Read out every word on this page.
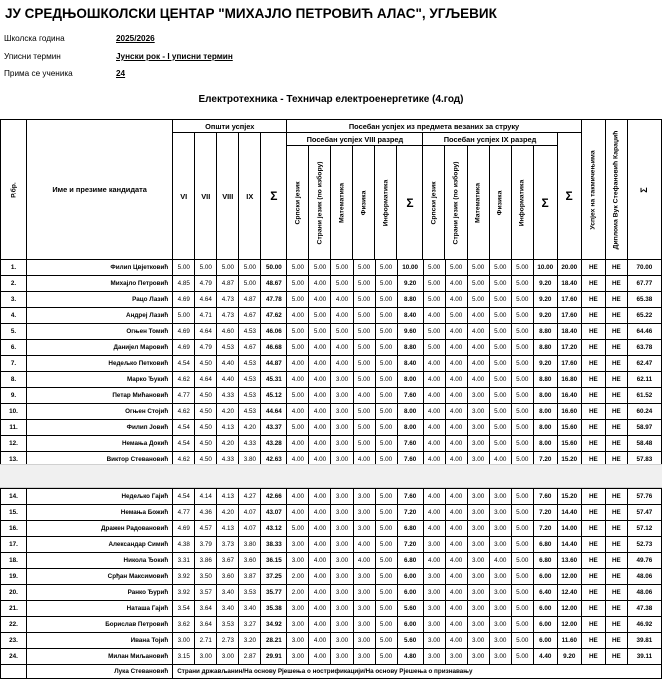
ЈУ СРЕДЊОШКОЛСКИ ЦЕНТАР "МИХАЈЛО ПЕТРОВИЋ АЛАС", УГЉЕВИК
Школска година	2025/2026
Уписни термин	Јунски рок - I уписни термин
Прима се ученика	24
Електротехника - Техничар електроенергетике (4.год)
Р.бр.	Име и презиме кандидата	Општи успјех					Посебан успјех из предмета везаних за струку													Успјех на такмичењима	Диплома Вук Стефановић Караџић	Σ

		VI	VII	VIII	IX	Σ	Посебан успјех VIII разред						Посебан успјех IX разред						Σ			

							Српски језик	Страни језик (по избору)	Математика	Физика	Информатика	Σ	Српски језик	Страни језик (по избору)	Математика	Физика	Информатика	Σ				
1.	Филип Цвјетковић	5.00	5.00	5.00	5.00	50.00	5.00	5.00	5.00	5.00	5.00	10.00	5.00	5.00	5.00	5.00	5.00	10.00	20.00	НЕ	НЕ	70.00
2.	Михајло Петровић	4.85	4.79	4.87	5.00	48.67	5.00	4.00	5.00	5.00	5.00	9.20	5.00	4.00	5.00	5.00	5.00	9.20	18.40	НЕ	НЕ	67.77
3.	Рацо Лазић	4.69	4.64	4.73	4.87	47.78	5.00	4.00	4.00	5.00	5.00	8.80	5.00	4.00	5.00	5.00	5.00	9.20	17.60	НЕ	НЕ	65.38
4.	Андреј Лазић	5.00	4.71	4.73	4.67	47.62	4.00	5.00	4.00	5.00	5.00	8.40	4.00	5.00	4.00	5.00	5.00	9.20	17.60	НЕ	НЕ	65.22
5.	Огњен Томић	4.69	4.64	4.60	4.53	46.06	5.00	5.00	5.00	5.00	5.00	9.60	5.00	4.00	4.00	5.00	5.00	8.80	18.40	НЕ	НЕ	64.46
6.	Данијел Маровић	4.69	4.79	4.53	4.67	46.68	5.00	4.00	4.00	5.00	5.00	8.80	5.00	4.00	4.00	5.00	5.00	8.80	17.20	НЕ	НЕ	63.78
7.	Недељко Петковић	4.54	4.50	4.40	4.53	44.87	4.00	4.00	4.00	5.00	5.00	8.40	4.00	4.00	4.00	5.00	5.00	9.20	17.60	НЕ	НЕ	62.47
8.	Марко Ђукић	4.62	4.64	4.40	4.53	45.31	4.00	4.00	3.00	5.00	5.00	8.00	4.00	4.00	4.00	5.00	5.00	8.80	16.80	НЕ	НЕ	62.11
9.	Петар Мићановић	4.77	4.50	4.33	4.53	45.12	5.00	4.00	3.00	4.00	5.00	7.60	4.00	4.00	3.00	5.00	5.00	8.00	16.40	НЕ	НЕ	61.52
10.	Огњен Стојић	4.62	4.50	4.20	4.53	44.64	4.00	4.00	3.00	5.00	5.00	8.00	4.00	4.00	3.00	5.00	5.00	8.00	16.60	НЕ	НЕ	60.24
11.	Филип Јовић	4.54	4.50	4.13	4.20	43.37	5.00	4.00	3.00	5.00	5.00	8.00	4.00	4.00	3.00	5.00	5.00	8.00	15.60	НЕ	НЕ	58.97
12.	Немања Докић	4.54	4.50	4.20	4.33	43.28	4.00	4.00	3.00	5.00	5.00	7.60	4.00	4.00	3.00	5.00	5.00	8.00	15.60	НЕ	НЕ	58.48
13.	Виктор Стевановић	4.62	4.50	4.33	3.80	42.63	4.00	4.00	3.00	4.00	5.00	7.60	4.00	4.00	3.00	4.00	5.00	7.20	15.20	НЕ	НЕ	57.83
14.	Недељко Гајић	4.54	4.14	4.13	4.27	42.66	4.00	4.00	3.00	3.00	5.00	7.60	4.00	4.00	3.00	3.00	5.00	7.60	15.20	НЕ	НЕ	57.76
15.	Немања Божић	4.77	4.36	4.20	4.07	43.07	4.00	4.00	3.00	3.00	5.00	7.20	4.00	4.00	3.00	3.00	5.00	7.20	14.40	НЕ	НЕ	57.47
16.	Дражен Радовановић	4.69	4.57	4.13	4.07	43.12	5.00	4.00	3.00	3.00	5.00	6.80	4.00	4.00	3.00	3.00	5.00	7.20	14.00	НЕ	НЕ	57.12
17.	Александар Симић	4.38	3.79	3.73	3.80	38.33	3.00	4.00	3.00	4.00	5.00	7.20	3.00	4.00	3.00	3.00	5.00	6.80	14.40	НЕ	НЕ	52.73
18.	Никола Ђокић	3.31	3.86	3.67	3.60	36.15	3.00	4.00	3.00	4.00	5.00	6.80	4.00	4.00	3.00	4.00	5.00	6.80	13.60	НЕ	НЕ	49.76
19.	Срђан Максимовић	3.92	3.50	3.60	3.87	37.25	2.00	4.00	3.00	3.00	5.00	6.00	3.00	4.00	3.00	3.00	5.00	6.00	12.00	НЕ	НЕ	48.06
20.	Ранко Ђурић	3.92	3.57	3.40	3.53	35.77	2.00	4.00	3.00	3.00	5.00	6.00	3.00	4.00	3.00	3.00	5.00	6.40	12.40	НЕ	НЕ	48.06
21.	Наташа Гајић	3.54	3.64	3.40	3.40	35.38	3.00	4.00	3.00	3.00	5.00	5.60	3.00	4.00	3.00	3.00	5.00	6.00	12.00	НЕ	НЕ	47.38
22.	Борислав Петровић	3.62	3.64	3.53	3.27	34.92	3.00	4.00	3.00	3.00	5.00	6.00	3.00	4.00	3.00	3.00	5.00	6.00	12.00	НЕ	НЕ	46.92
23.	Ивана Тојић	3.00	2.71	2.73	3.20	28.21	3.00	4.00	3.00	3.00	5.00	5.60	3.00	4.00	3.00	3.00	5.00	6.00	11.60	НЕ	НЕ	39.81
24.	Милан Миљановић	3.15	3.00	3.00	2.87	29.91	3.00	4.00	3.00	3.00	5.00	4.80	3.00	3.00	3.00	3.00	5.00	4.40	9.20	НЕ	НЕ	39.11
	Лука Стевановић	Страни држављанин/На основу Рјешења о нострификацији/На основу Рјешења о признавању																				
